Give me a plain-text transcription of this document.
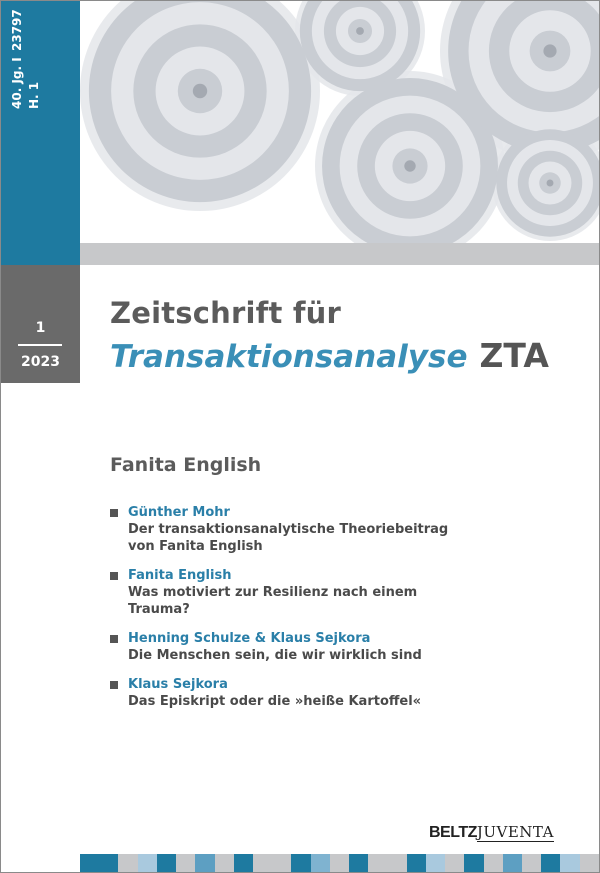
40. Jg. I H. 1
23797
1
2023
Zeitschrift für
Transaktionsanalyse ZTA
Fanita English
Günther Mohr
Der transaktionsanalytische Theoriebeitrag
von Fanita English
Fanita English
Was motiviert zur Resilienz nach einem
Trauma?
Henning Schulze & Klaus Sejkora
Die Menschen sein, die wir wirklich sind
Klaus Sejkora
Das Episkript oder die »heiße Kartoffel«
BELTZJUVENTA
